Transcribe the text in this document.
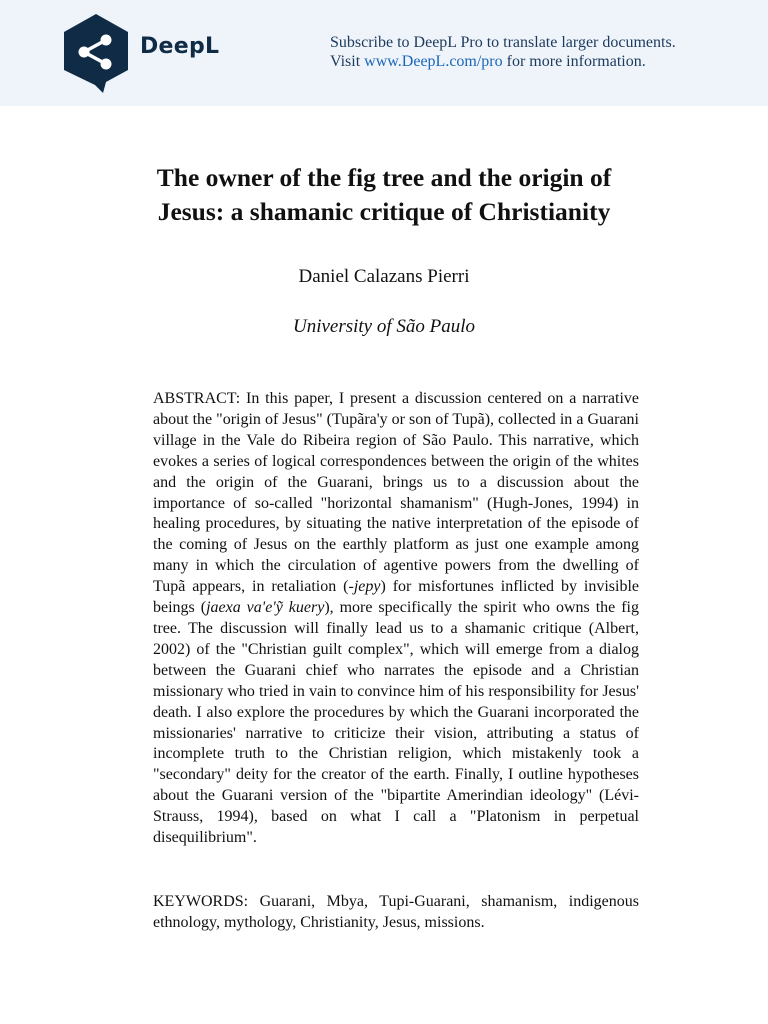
DeepL	Subscribe to DeepL Pro to translate larger documents.
Visit www.DeepL.com/pro for more information.
The owner of the fig tree and the origin of
Jesus: a shamanic critique of Christianity
Daniel Calazans Pierri
University of São Paulo

ABSTRACT: In this paper, I present a discussion centered on a narrative about the "origin of Jesus" (Tupãra'y or son of Tupã), collected in a Guarani village in the Vale do Ribeira region of São Paulo. This narrative, which evokes a series of logical correspondences between the origin of the whites and the origin of the Guarani, brings us to a discussion about the importance of so-called "horizontal shamanism" (Hugh-Jones, 1994) in healing procedures, by situating the native interpretation of the episode of the coming of Jesus on the earthly platform as just one example among many in which the circulation of agentive powers from the dwelling of Tupã appears, in retaliation (-jepy) for misfortunes inflicted by invisible beings (jaexa va'e'ỹ kuery), more specifically the spirit who owns the fig tree. The discussion will finally lead us to a shamanic critique (Albert, 2002) of the "Christian guilt complex", which will emerge from a dialog between the Guarani chief who narrates the episode and a Christian missionary who tried in vain to convince him of his responsibility for Jesus' death. I also explore the procedures by which the Guarani incorporated the missionaries' narrative to criticize their vision, attributing a status of incomplete truth to the Christian religion, which mistakenly took a "secondary" deity for the creator of the earth. Finally, I outline hypotheses about the Guarani version of the "bipartite Amerindian ideology" (Lévi-Strauss, 1994), based on what I call a "Platonism in perpetual disequilibrium".

KEYWORDS: Guarani, Mbya, Tupi-Guarani, shamanism, indigenous ethnology, mythology, Christianity, Jesus, missions.
